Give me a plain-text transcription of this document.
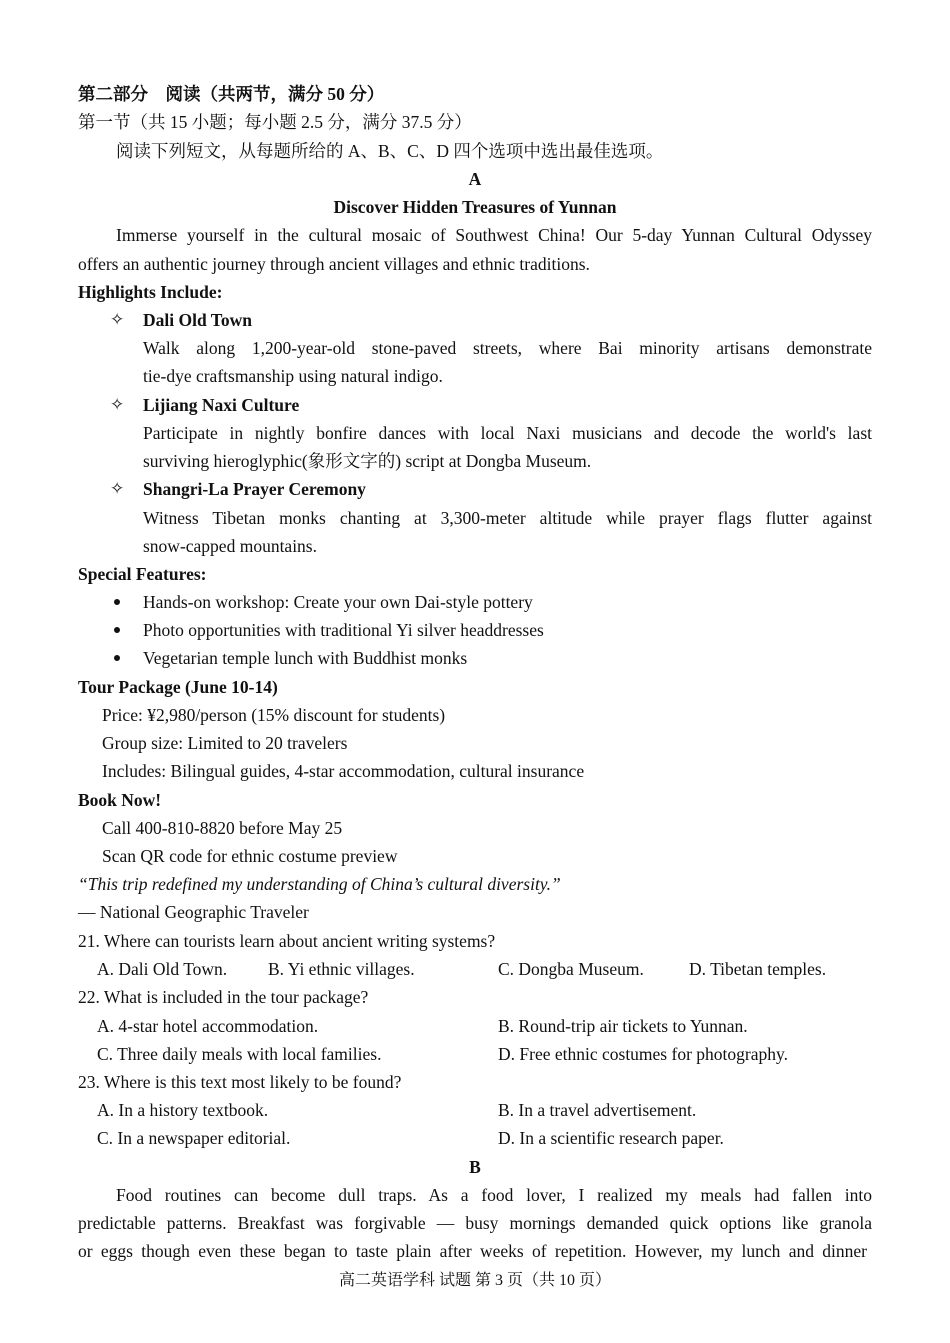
第二部分　阅读（共两节，满分 50 分）
第一节（共 15 小题；每小题 2.5 分，满分 37.5 分）
阅读下列短文，从每题所给的 A、B、C、D 四个选项中选出最佳选项。
A
Discover Hidden Treasures of Yunnan
Immerse yourself in the cultural mosaic of Southwest China! Our 5-day Yunnan Cultural Odyssey
offers an authentic journey through ancient villages and ethnic traditions.
Highlights Include:
✧ Dali Old Town
Walk along 1,200-year-old stone-paved streets, where Bai minority artisans demonstrate
tie-dye craftsmanship using natural indigo.
✧ Lijiang Naxi Culture
Participate in nightly bonfire dances with local Naxi musicians and decode the world's last
surviving hieroglyphic(象形文字的) script at Dongba Museum.
✧ Shangri-La Prayer Ceremony
Witness Tibetan monks chanting at 3,300-meter altitude while prayer flags flutter against
snow-capped mountains.
Special Features:
Hands-on workshop: Create your own Dai-style pottery
Photo opportunities with traditional Yi silver headdresses
Vegetarian temple lunch with Buddhist monks
Tour Package (June 10-14)
Price: ¥2,980/person (15% discount for students)
Group size: Limited to 20 travelers
Includes: Bilingual guides, 4-star accommodation, cultural insurance
Book Now!
Call 400-810-8820 before May 25
Scan QR code for ethnic costume preview
“This trip redefined my understanding of China’s cultural diversity.”
— National Geographic Traveler
21. Where can tourists learn about ancient writing systems?
A. Dali Old Town. B. Yi ethnic villages.	C. Dongba Museum.	D. Tibetan temples.
22. What is included in the tour package?
A. 4-star hotel accommodation.	B. Round-trip air tickets to Yunnan.
C. Three daily meals with local families.	D. Free ethnic costumes for photography.
23. Where is this text most likely to be found?
A. In a history textbook.	B. In a travel advertisement.
C. In a newspaper editorial.	D. In a scientific research paper.
B
Food routines can become dull traps. As a food lover, I realized my meals had fallen into
predictable patterns. Breakfast was forgivable — busy mornings demanded quick options like granola
or eggs though even these began to taste plain after weeks of repetition. However, my lunch and dinner
高二英语学科 试题 第 3 页（共 10 页）
